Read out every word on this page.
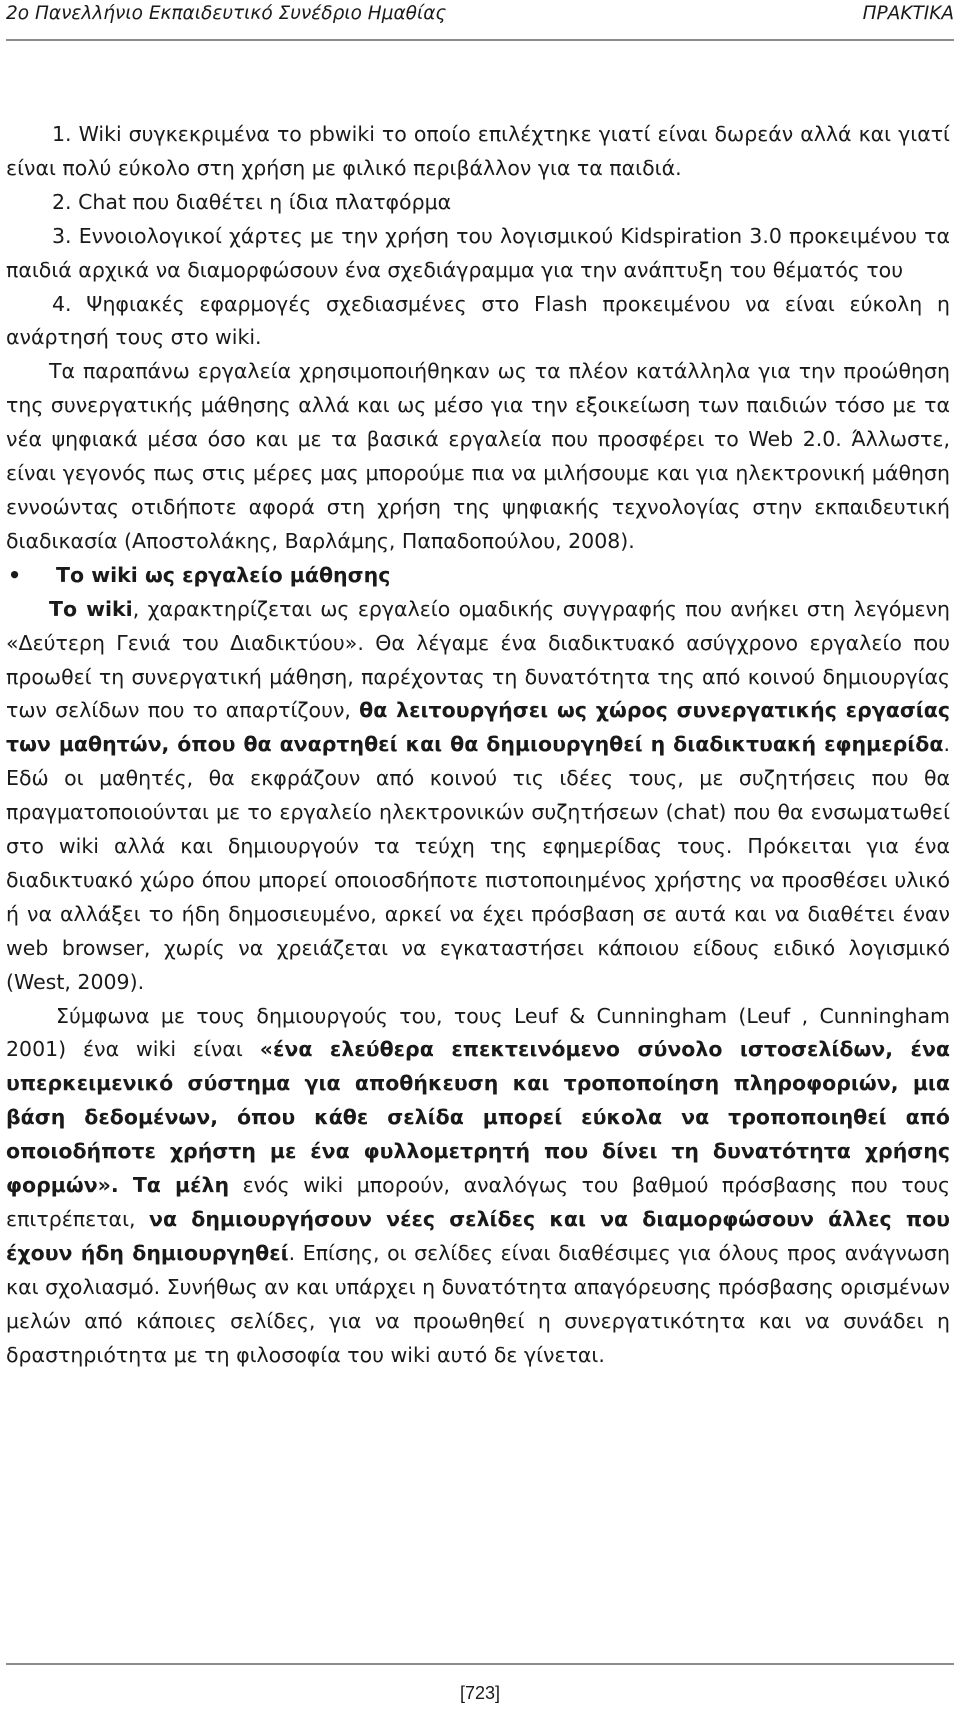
2ο Πανελλήνιο Εκπαιδευτικό Συνέδριο Ημαθίας	ΠΡΑΚΤΙΚΑ

1. Wiki συγκεκριμένα το pbwiki το οποίο επιλέχτηκε γιατί είναι δωρεάν αλλά και γιατί είναι πολύ εύκολο στη χρήση με φιλικό περιβάλλον για τα παιδιά.

2. Chat που διαθέτει η ίδια πλατφόρμα

3. Εννοιολογικοί χάρτες με την χρήση του λογισμικού Kidspiration 3.0 προκειμένου τα παιδιά αρχικά να διαμορφώσουν ένα σχεδιάγραμμα για την ανάπτυξη του θέματός του

4. Ψηφιακές εφαρμογές σχεδιασμένες στο Flash προκειμένου να είναι εύκολη η ανάρτησή τους στο wiki.

Τα παραπάνω εργαλεία χρησιμοποιήθηκαν ως τα πλέον κατάλληλα για την προώθηση της συνεργατικής μάθησης αλλά και ως μέσο για την εξοικείωση των παιδιών τόσο με τα νέα ψηφιακά μέσα όσο και με τα βασικά εργαλεία που προσφέρει το Web 2.0. Άλλωστε, είναι γεγονός πως στις μέρες μας μπορούμε πια να μιλήσουμε και για ηλεκτρονική μάθηση εννοώντας οτιδήποτε αφορά στη χρήση της ψηφιακής τεχνολογίας στην εκπαιδευτική διαδικασία (Αποστολάκης, Βαρλάμης, Παπαδοπούλου, 2008).

• Το wiki ως εργαλείο μάθησης

Το wiki, χαρακτηρίζεται ως εργαλείο ομαδικής συγγραφής που ανήκει στη λεγόμενη «Δεύτερη Γενιά του Διαδικτύου». Θα λέγαμε ένα διαδικτυακό ασύγχρονο εργαλείο που προωθεί τη συνεργατική μάθηση, παρέχοντας τη δυνατότητα της από κοινού δημιουργίας των σελίδων που το απαρτίζουν, θα λειτουργήσει ως χώρος συνεργατικής εργασίας των μαθητών, όπου θα αναρτηθεί και θα δημιουργηθεί η διαδικτυακή εφημερίδα. Εδώ οι μαθητές, θα εκφράζουν από κοινού τις ιδέες τους, με συζητήσεις που θα πραγματοποιούνται με το εργαλείο ηλεκτρονικών συζητήσεων (chat) που θα ενσωματωθεί στο wiki αλλά και δημιουργούν τα τεύχη της εφημερίδας τους. Πρόκειται για ένα διαδικτυακό χώρο όπου μπορεί οποιοσδήποτε πιστοποιημένος χρήστης να προσθέσει υλικό ή να αλλάξει το ήδη δημοσιευμένο, αρκεί να έχει πρόσβαση σε αυτά και να διαθέτει έναν web browser, χωρίς να χρειάζεται να εγκαταστήσει κάποιου είδους ειδικό λογισμικό (West, 2009).

Σύμφωνα με τους δημιουργούς του, τους Leuf & Cunningham (Leuf , Cunningham 2001) ένα wiki είναι «ένα ελεύθερα επεκτεινόμενο σύνολο ιστοσελίδων, ένα υπερκειμενικό σύστημα για αποθήκευση και τροποποίηση πληροφοριών, μια βάση δεδομένων, όπου κάθε σελίδα μπορεί εύκολα να τροποποιηθεί από οποιοδήποτε χρήστη με ένα φυλλομετρητή που δίνει τη δυνατότητα χρήσης φορμών». Τα μέλη ενός wiki μπορούν, αναλόγως του βαθμού πρόσβασης που τους επιτρέπεται, να δημιουργήσουν νέες σελίδες και να διαμορφώσουν άλλες που έχουν ήδη δημιουργηθεί. Επίσης, οι σελίδες είναι διαθέσιμες για όλους προς ανάγνωση και σχολιασμό. Συνήθως αν και υπάρχει η δυνατότητα απαγόρευσης πρόσβασης ορισμένων μελών από κάποιες σελίδες, για να προωθηθεί η συνεργατικότητα και να συνάδει η δραστηριότητα με τη φιλοσοφία του wiki αυτό δε γίνεται.

[723]
